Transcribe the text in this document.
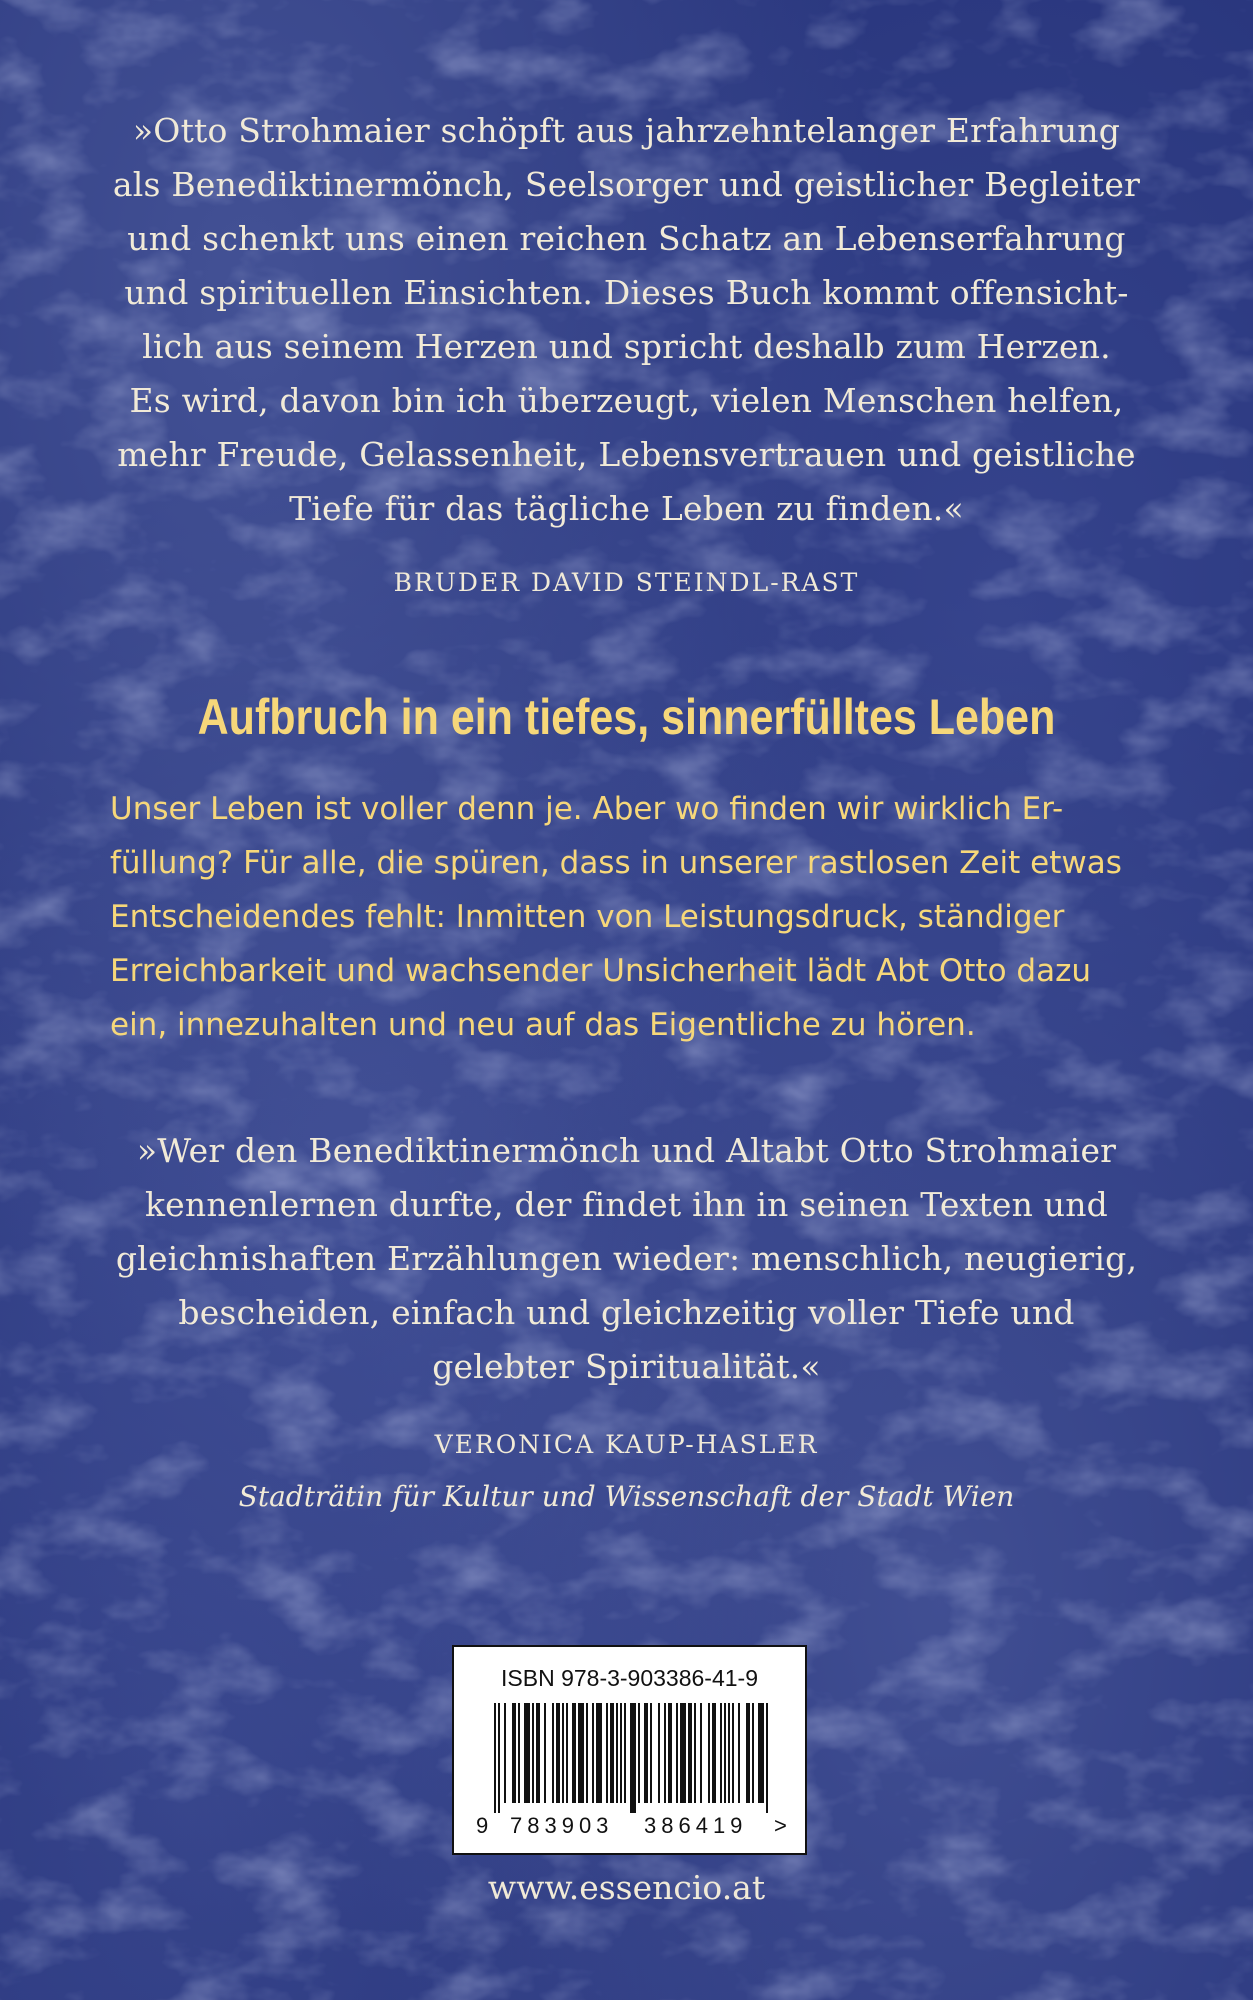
»Otto Strohmaier schöpft aus jahrzehntelanger Erfahrung
als Benediktinermönch, Seelsorger und geistlicher Begleiter
und schenkt uns einen reichen Schatz an Lebenserfahrung
und spirituellen Einsichten. Dieses Buch kommt offensicht-
lich aus seinem Herzen und spricht deshalb zum Herzen.
Es wird, davon bin ich überzeugt, vielen Menschen helfen,
mehr Freude, Gelassenheit, Lebensvertrauen und geistliche
Tiefe für das tägliche Leben zu finden.«
BRUDER DAVID STEINDL-RAST
Aufbruch in ein tiefes, sinnerfülltes Leben
Unser Leben ist voller denn je. Aber wo finden wir wirklich Er-
füllung? Für alle, die spüren, dass in unserer rastlosen Zeit etwas
Entscheidendes fehlt: Inmitten von Leistungsdruck, ständiger
Erreichbarkeit und wachsender Unsicherheit lädt Abt Otto dazu
ein, innezuhalten und neu auf das Eigentliche zu hören.
»Wer den Benediktinermönch und Altabt Otto Strohmaier
kennenlernen durfte, der findet ihn in seinen Texten und
gleichnishaften Erzählungen wieder: menschlich, neugierig,
bescheiden, einfach und gleichzeitig voller Tiefe und
gelebter Spiritualität.«
VERONICA KAUP-HASLER
Stadträtin für Kultur und Wissenschaft der Stadt Wien
ISBN 978-3-903386-41-9
9 783903 386419 >
www.essencio.at
